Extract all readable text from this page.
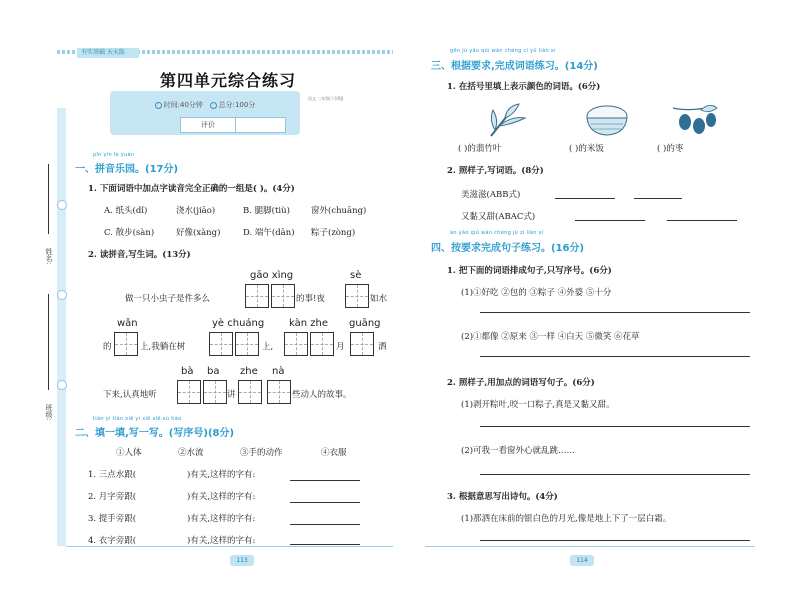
夯实基础 天天练
姓名:
班级:
第四单元综合练习
时间:40分钟 总分:100分
语文 二年级(下)(RJ)
评价
pīn yīn lè yuán
一、拼音乐园。(17分)
1. 下面词语中加点字读音完全正确的一组是( )。(4分)
A. 纸头(dǐ)	浇水(jiāo)	B. 腿脚(tiù) 窗外(chuāng)
C. 散步(sàn)	好像(xàng)	D. 端午(dān) 粽子(zòng)
2. 读拼音,写生词。(13分)
gāo xìng	sè
做一只小虫子是件多么	的事!夜	如水
wǎn	yè chuáng kàn zhe guāng
的	上,我躺在树	上,	月	洒
bà ba zhe nà
下来,认真地听	讲	些动人的故事。
tián yi tián xiě yi xiě xiě xù hào
二、填一填,写一写。(写序号)(8分)
①人体	②水流	③手的动作	④衣服
1. 三点水跟(	)有关,这样的字有:
2. 月字旁跟(	)有关,这样的字有:
3. 提手旁跟(	)有关,这样的字有:
4. 衣字旁跟(	)有关,这样的字有:
113
gēn jù yāo qiú wán chéng cí yǔ liàn xí
三、根据要求,完成词语练习。(14分)
1. 在括号里填上表示颜色的词语。(6分)
( )的翡竹叶	( )的米饭	( )的枣
2. 照样子,写词语。(8分)
美滋滋(ABB式)
又黏又甜(ABAC式)
àn yāo qiú wán chéng jù zi liàn xí
四、按要求完成句子练习。(16分)
1. 把下面的词语排成句子,只写序号。(6分)
(1)①好吃 ②包的 ③粽子 ④外婆 ⑤十分
(2)①都像 ②原来 ③一样 ④白天 ⑤微笑 ⑥花草
2. 照样子,用加点的词语写句子。(6分)
(1)剥开粽叶,咬一口粽子,真是又黏又甜。
(2)可我一看窗外心就乱跳……
3. 根据意思写出诗句。(4分)
(1)那洒在床前的银白色的月光,像是地上下了一层白霜。
114
